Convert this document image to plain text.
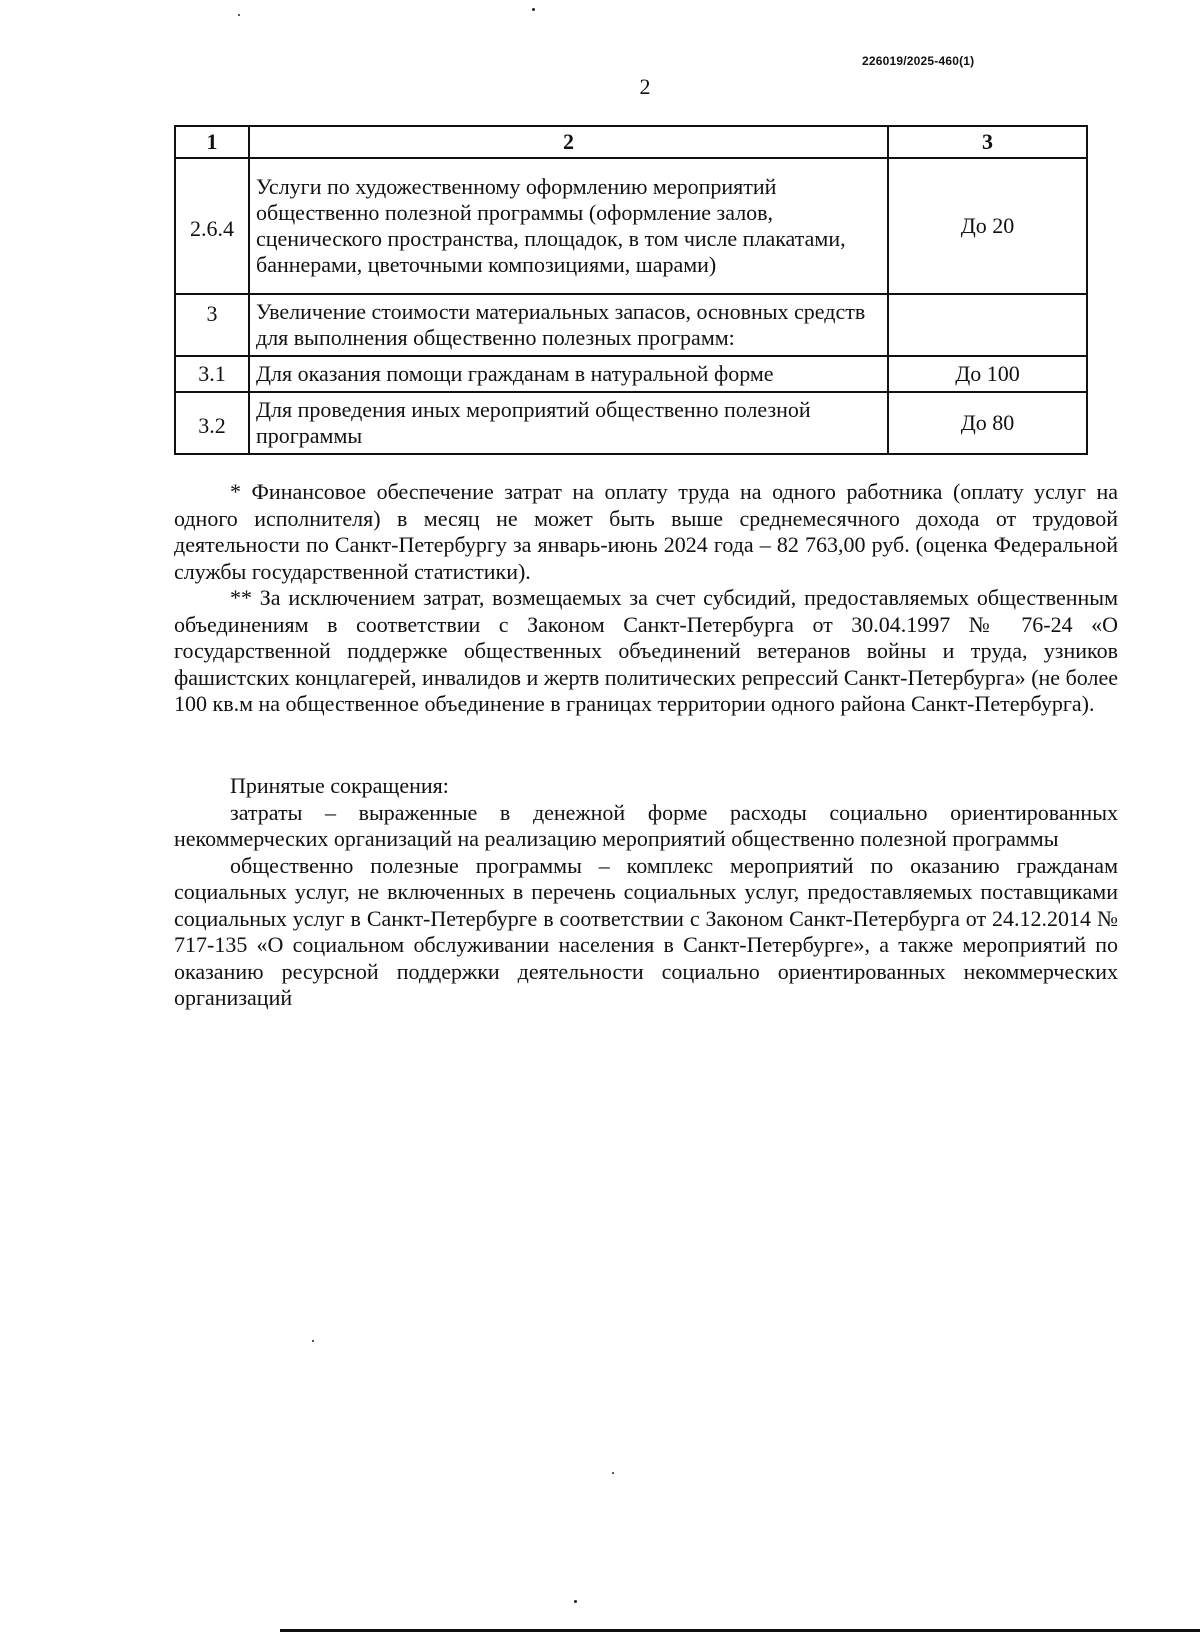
226019/2025-460(1)
2
1	2	3
2.6.4	Услуги по художественному оформлению мероприятий общественно полезной программы (оформление залов, сценического пространства, площадок, в том числе плакатами, баннерами, цветочными композициями, шарами)	До 20
3	Увеличение стоимости материальных запасов, основных средств для выполнения общественно полезных программ:	
3.1	Для оказания помощи гражданам в натуральной форме	До 100
3.2	Для проведения иных мероприятий общественно полезной программы	До 80

* Финансовое обеспечение затрат на оплату труда на одного работника (оплату услуг на одного исполнителя) в месяц не может быть выше среднемесячного дохода от трудовой деятельности по Санкт-Петербургу за январь-июнь 2024 года – 82 763,00 руб. (оценка Федеральной службы государственной статистики).

** За исключением затрат, возмещаемых за счет субсидий, предоставляемых общественным объединениям в соответствии с Законом Санкт-Петербурга от 30.04.1997 № 76-24 «О государственной поддержке общественных объединений ветеранов войны и труда, узников фашистских концлагерей, инвалидов и жертв политических репрессий Санкт-Петербурга» (не более 100 кв.м на общественное объединение в границах территории одного района Санкт-Петербурга).

Принятые сокращения:

затраты – выраженные в денежной форме расходы социально ориентированных некоммерческих организаций на реализацию мероприятий общественно полезной программы

общественно полезные программы – комплекс мероприятий по оказанию гражданам социальных услуг, не включенных в перечень социальных услуг, предоставляемых поставщиками социальных услуг в Санкт-Петербурге в соответствии с Законом Санкт-Петербурга от 24.12.2014 № 717-135 «О социальном обслуживании населения в Санкт-Петербурге», а также мероприятий по оказанию ресурсной поддержки деятельности социально ориентированных некоммерческих организаций
